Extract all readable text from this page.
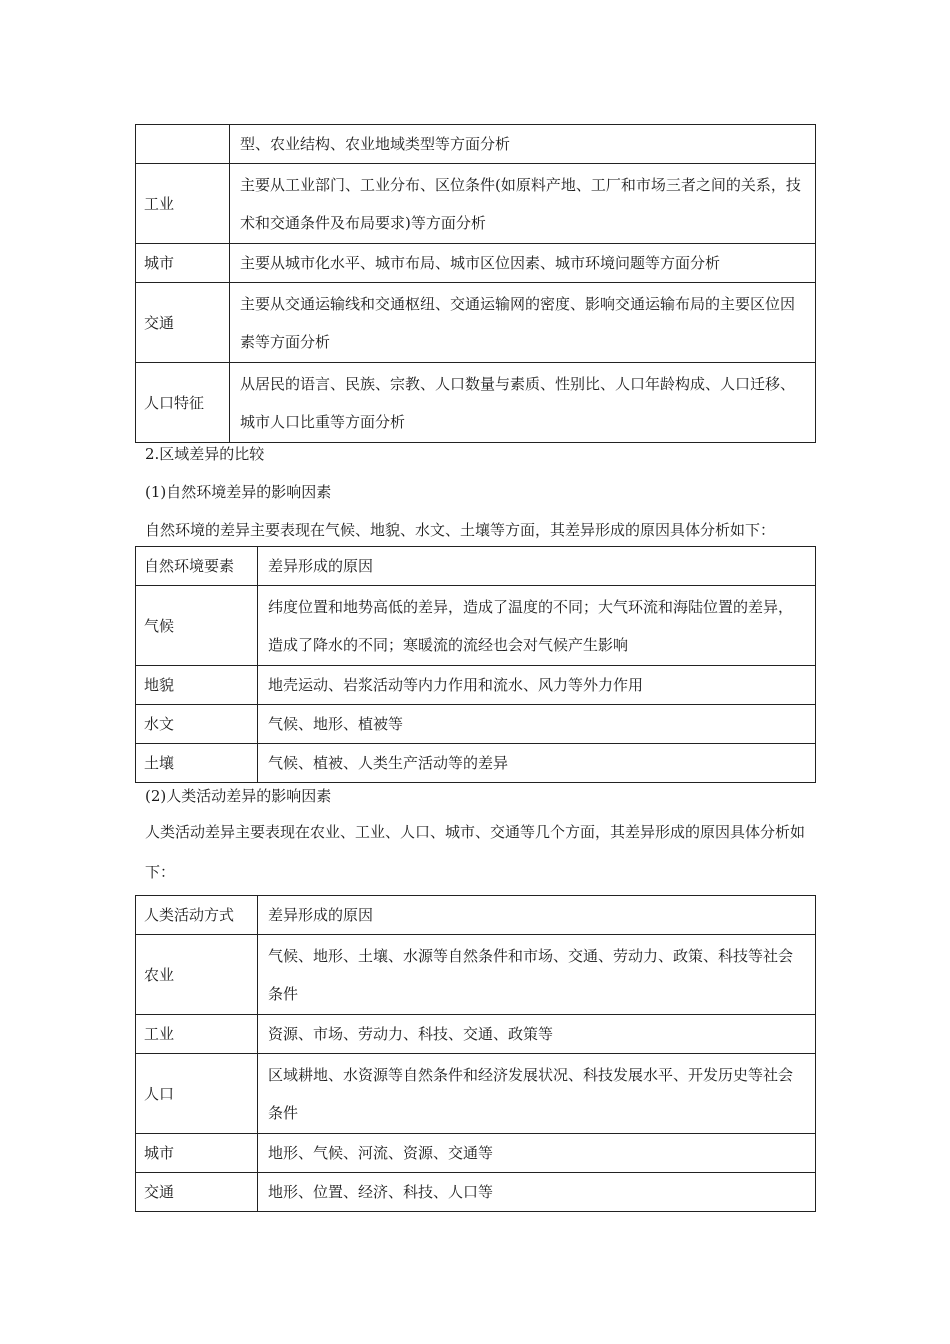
	型、农业结构、农业地域类型等方面分析
工业	主要从工业部门、工业分布、区位条件(如原料产地、工厂和市场三者之间的关系，技术和交通条件及布局要求)等方面分析
城市	主要从城市化水平、城市布局、城市区位因素、城市环境问题等方面分析
交通	主要从交通运输线和交通枢纽、交通运输网的密度、影响交通运输布局的主要区位因素等方面分析
人口特征	从居民的语言、民族、宗教、人口数量与素质、性别比、人口年龄构成、人口迁移、城市人口比重等方面分析
2.区域差异的比较
(1)自然环境差异的影响因素
自然环境的差异主要表现在气候、地貌、水文、土壤等方面，其差异形成的原因具体分析如下：
自然环境要素	差异形成的原因
气候	纬度位置和地势高低的差异，造成了温度的不同；大气环流和海陆位置的差异，造成了降水的不同；寒暖流的流经也会对气候产生影响
地貌	地壳运动、岩浆活动等内力作用和流水、风力等外力作用
水文	气候、地形、植被等
土壤	气候、植被、人类生产活动等的差异
(2)人类活动差异的影响因素
人类活动差异主要表现在农业、工业、人口、城市、交通等几个方面，其差异形成的原因具体分析如下：
人类活动方式	差异形成的原因
农业	气候、地形、土壤、水源等自然条件和市场、交通、劳动力、政策、科技等社会条件
工业	资源、市场、劳动力、科技、交通、政策等
人口	区域耕地、水资源等自然条件和经济发展状况、科技发展水平、开发历史等社会条件
城市	地形、气候、河流、资源、交通等
交通	地形、位置、经济、科技、人口等
